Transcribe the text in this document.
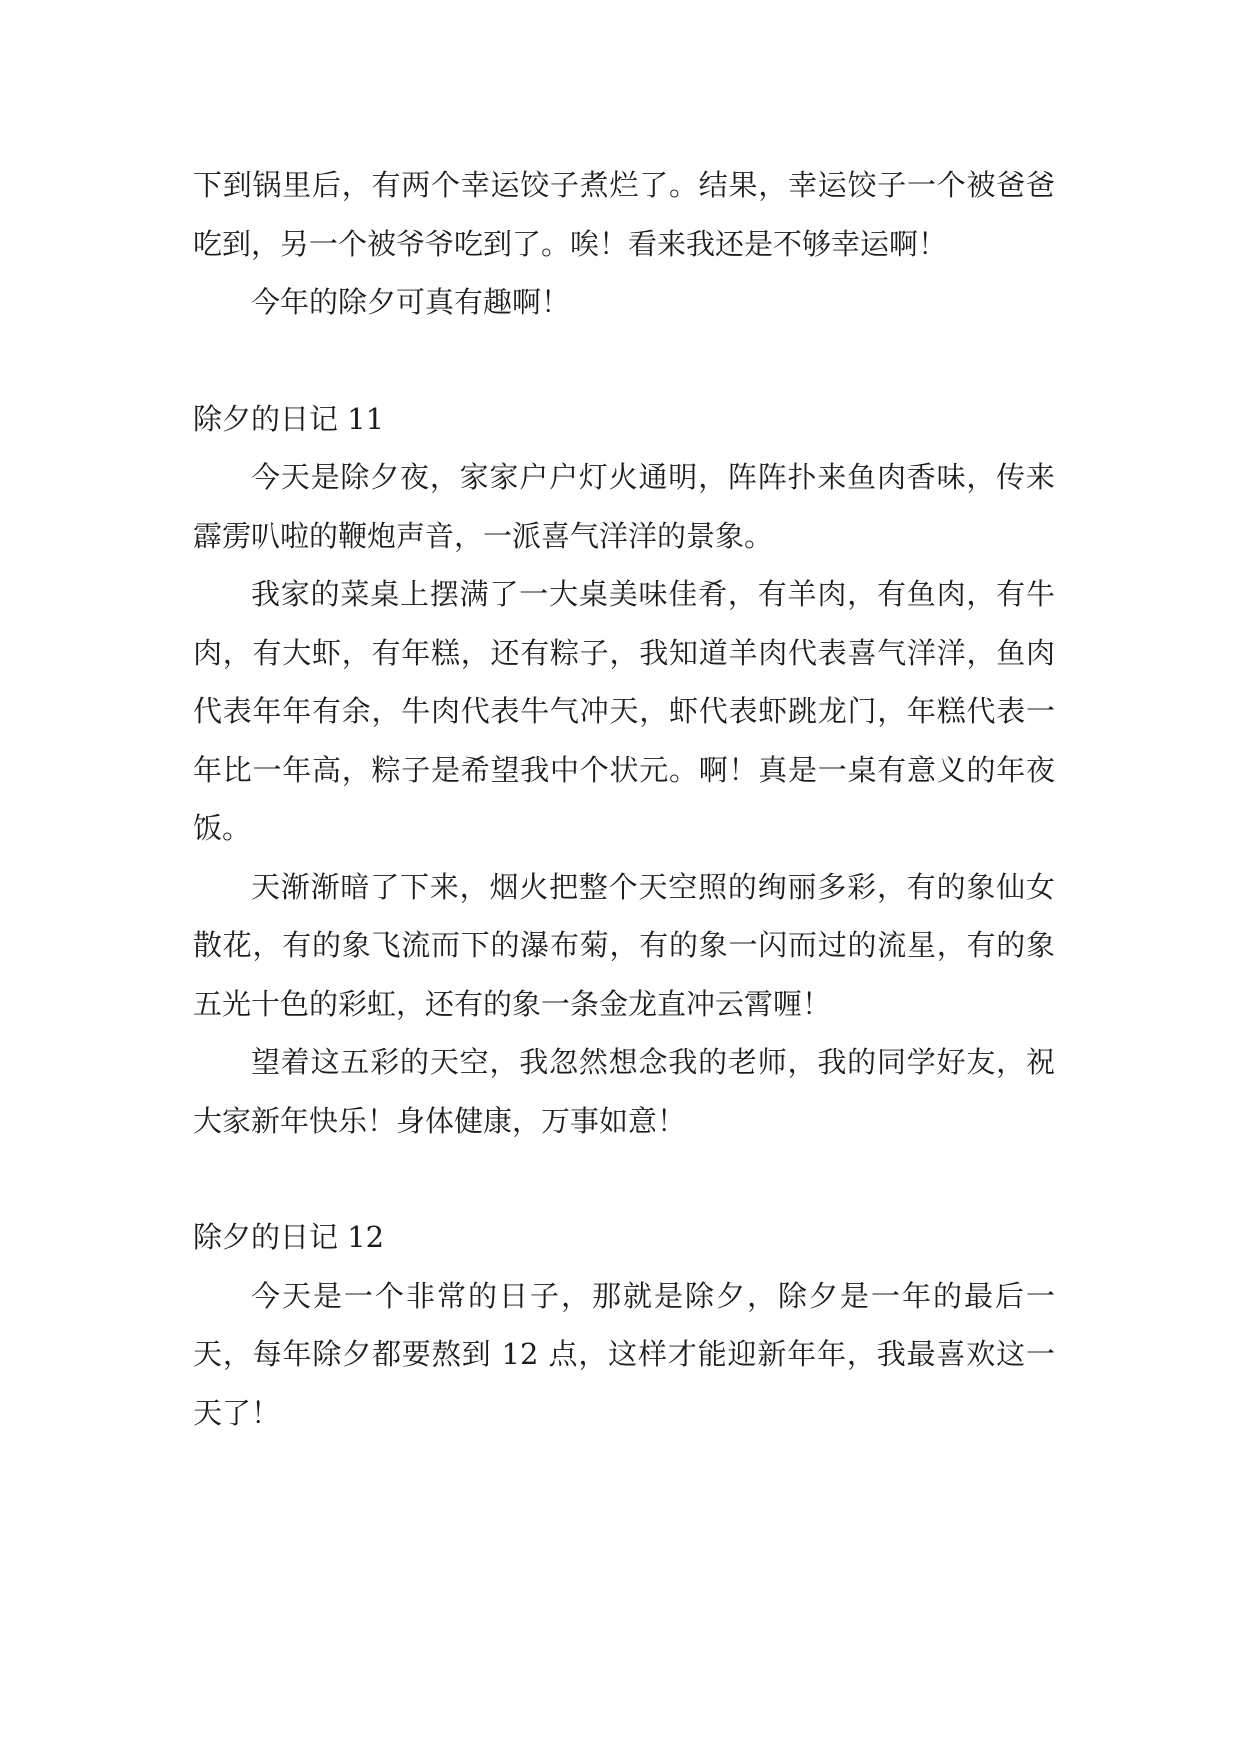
下到锅里后，有两个幸运饺子煮烂了。结果，幸运饺子一个被爸爸吃到，另一个被爷爷吃到了。唉！看来我还是不够幸运啊！

今年的除夕可真有趣啊！

除夕的日记 11

今天是除夕夜，家家户户灯火通明，阵阵扑来鱼肉香味，传来霹雳叭啦的鞭炮声音，一派喜气洋洋的景象。

我家的菜桌上摆满了一大桌美味佳肴，有羊肉，有鱼肉，有牛肉，有大虾，有年糕，还有粽子，我知道羊肉代表喜气洋洋，鱼肉代表年年有余，牛肉代表牛气冲天，虾代表虾跳龙门，年糕代表一年比一年高，粽子是希望我中个状元。啊！真是一桌有意义的年夜饭。

天渐渐暗了下来，烟火把整个天空照的绚丽多彩，有的象仙女散花，有的象飞流而下的瀑布菊，有的象一闪而过的流星，有的象五光十色的彩虹，还有的象一条金龙直冲云霄喱！

望着这五彩的天空，我忽然想念我的老师，我的同学好友，祝大家新年快乐！身体健康，万事如意！

除夕的日记 12

今天是一个非常的日子，那就是除夕，除夕是一年的最后一天，每年除夕都要熬到 12 点，这样才能迎新年年，我最喜欢这一天了！
